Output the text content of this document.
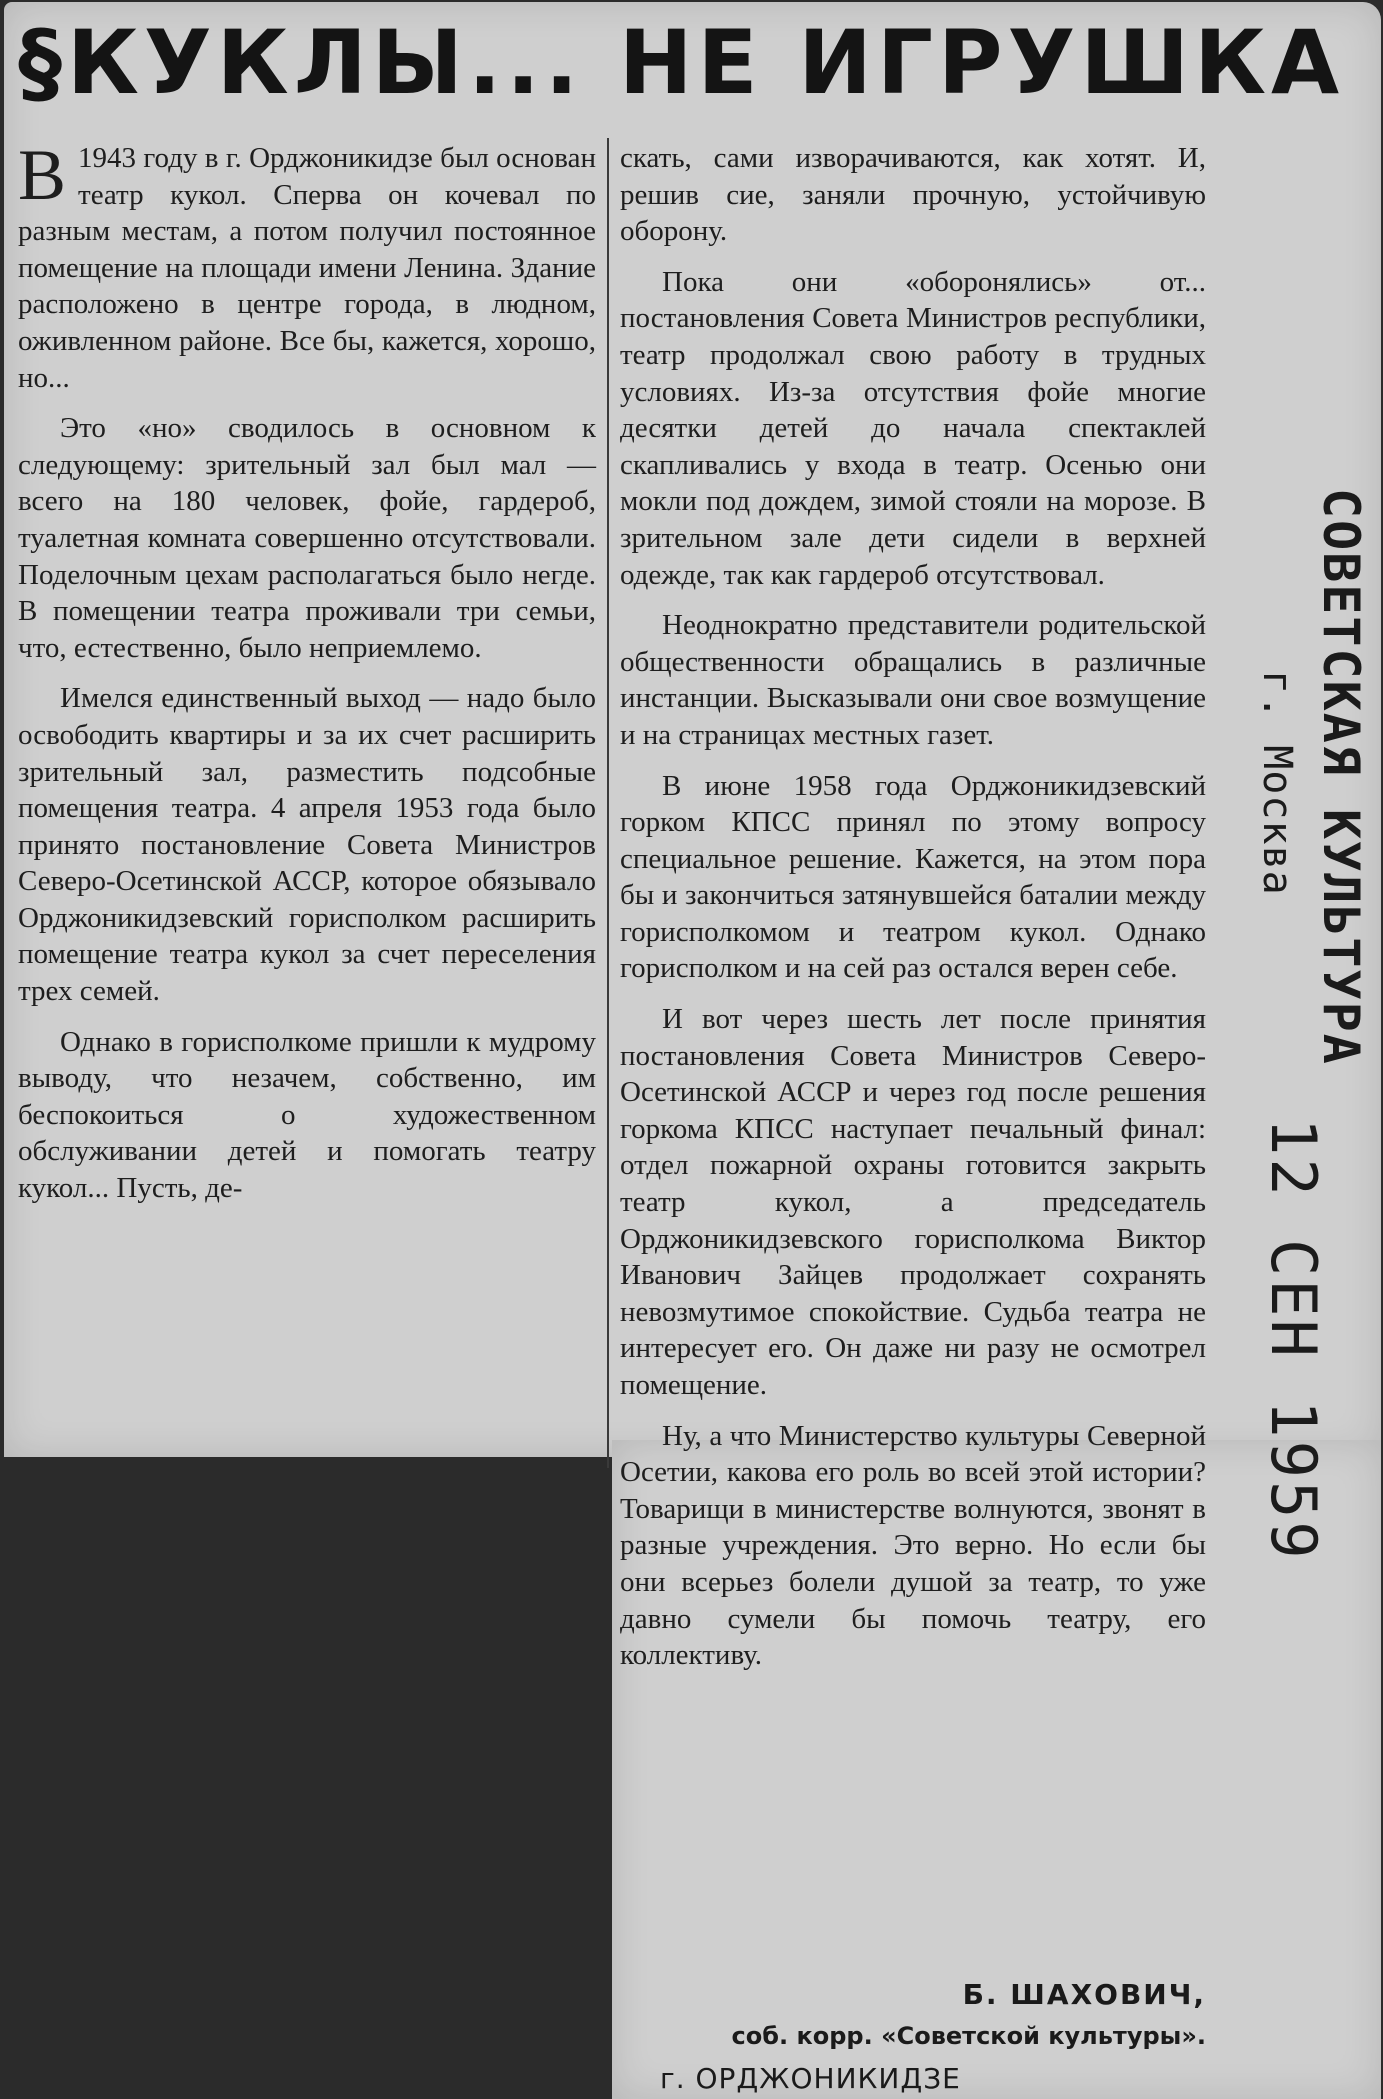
§КУКЛЫ... НЕ ИГРУШКА

В 1943 году в г. Орджоникидзе был основан театр кукол. Сперва он кочевал по разным местам, а потом получил постоянное помещение на площади имени Ленина. Здание расположено в центре города, в людном, оживленном районе. Все бы, кажется, хорошо, но...

Это «но» сводилось в основном к следующему: зрительный зал был мал — всего на 180 человек, фойе, гардероб, туалетная комната совершенно отсутствовали. Поделочным цехам располагаться было негде. В помещении театра проживали три семьи, что, естественно, было неприемлемо.

Имелся единственный выход — надо было освободить квартиры и за их счет расширить зрительный зал, разместить подсобные помещения театра. 4 апреля 1953 года было принято постановление Совета Министров Северо-Осетинской АССР, которое обязывало Орджоникидзевский горисполком расширить помещение театра кукол за счет переселения трех семей.

Однако в горисполкоме пришли к мудрому выводу, что незачем, собственно, им беспокоиться о художественном обслуживании детей и помогать театру кукол... Пусть, де-

скать, сами изворачиваются, как хотят. И, решив сие, заняли прочную, устойчивую оборону.

Пока они «оборонялись» от... постановления Совета Министров республики, театр продолжал свою работу в трудных условиях. Из-за отсутствия фойе многие десятки детей до начала спектаклей скапливались у входа в театр. Осенью они мокли под дождем, зимой стояли на морозе. В зрительном зале дети сидели в верхней одежде, так как гардероб отсутствовал.

Неоднократно представители родительской общественности обращались в различные инстанции. Высказывали они свое возмущение и на страницах местных газет.

В июне 1958 года Орджоникидзевский горком КПСС принял по этому вопросу специальное решение. Кажется, на этом пора бы и закончиться затянувшейся баталии между горисполкомом и театром кукол. Однако горисполком и на сей раз остался верен себе.

И вот через шесть лет после принятия постановления Совета Министров Северо-Осетинской АССР и через год после решения горкома КПСС наступает печальный финал: отдел пожарной охраны готовится закрыть театр кукол, а председатель Орджоникидзевского горисполкома Виктор Иванович Зайцев продолжает сохранять невозмутимое спокойствие. Судьба театра не интересует его. Он даже ни разу не осмотрел помещение.

Ну, а что Министерство культуры Северной Осетии, какова его роль во всей этой истории? Товарищи в министерстве волнуются, звонят в разные учреждения. Это верно. Но если бы они всерьез болели душой за театр, то уже давно сумели бы помочь театру, его коллективу.

Б. ШАХОВИЧ,
соб. корр. «Советской культуры».
г. ОРДЖОНИКИДЗЕ
СОВЕТСКАЯ КУЛЬТУРА
г. Москва
12 СЕН 1959
